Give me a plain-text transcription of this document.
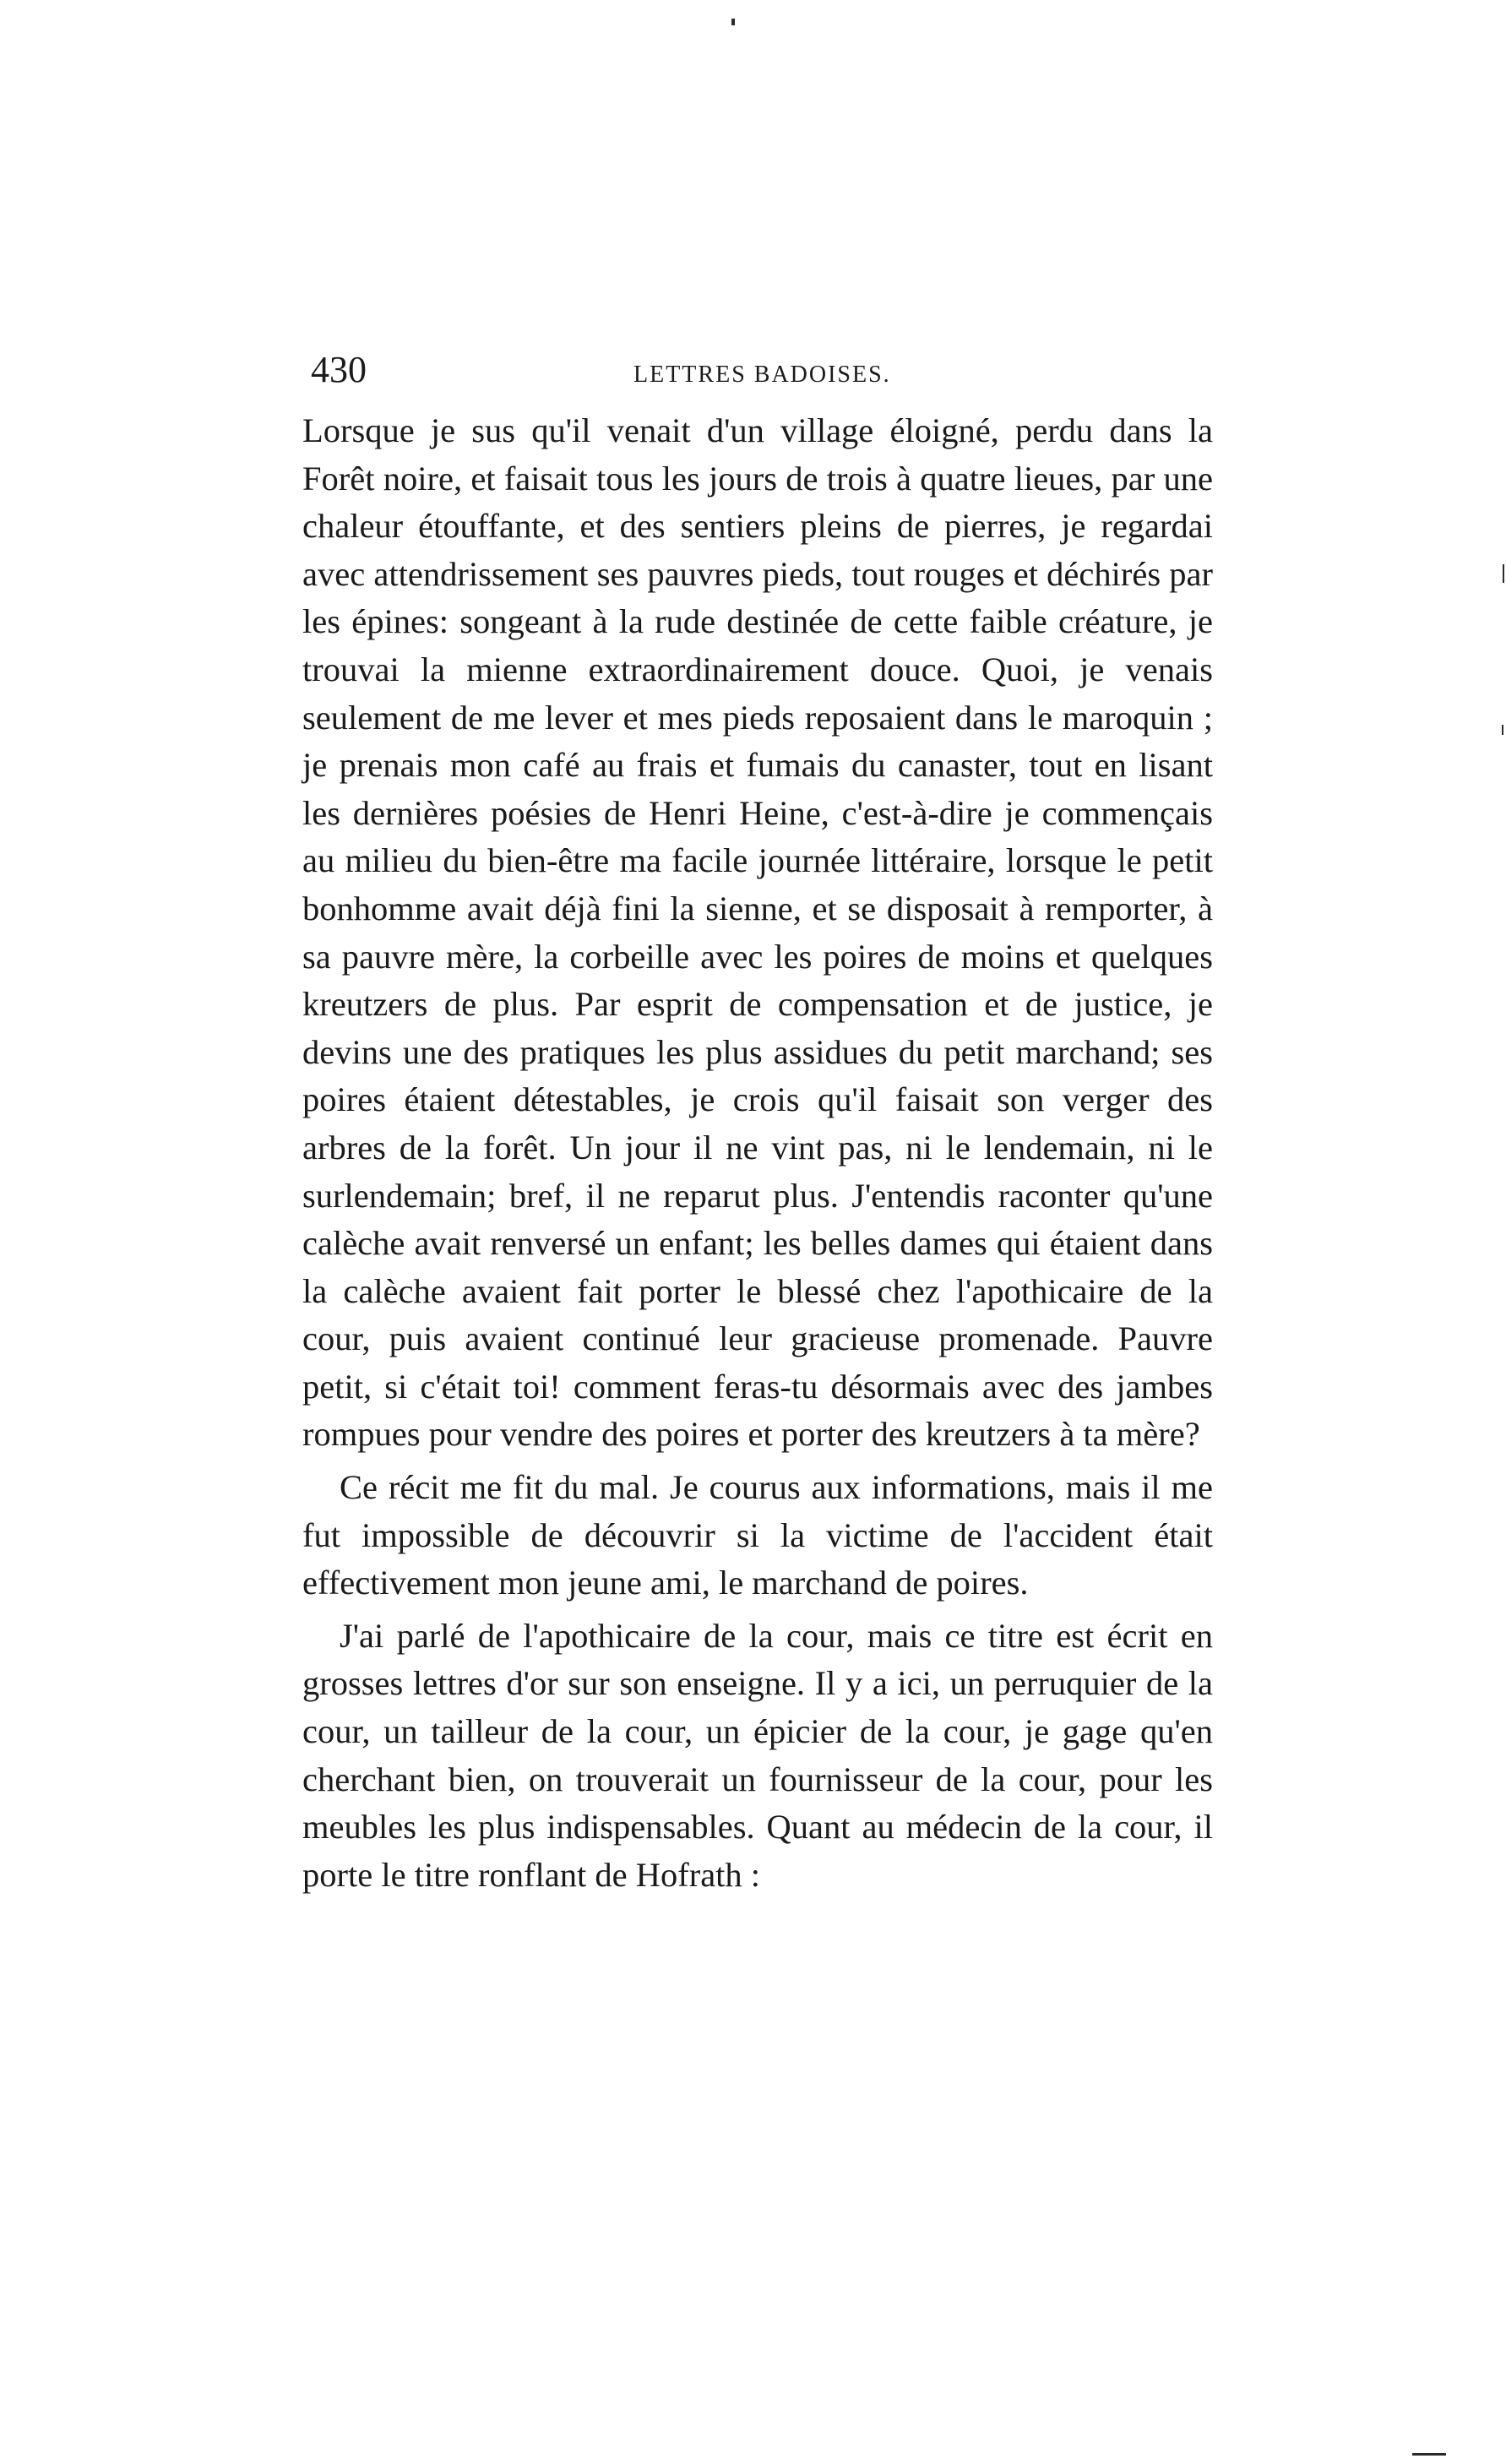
430	LETTRES BADOISES.

Lorsque je sus qu'il venait d'un village éloigné, perdu dans la Forêt noire, et faisait tous les jours de trois à quatre lieues, par une chaleur étouffante, et des sentiers pleins de pierres, je regardai avec attendrissement ses pauvres pieds, tout rouges et déchirés par les épines: songeant à la rude destinée de cette faible créature, je trouvai la mienne extraordinairement douce. Quoi, je venais seulement de me lever et mes pieds reposaient dans le maroquin ; je prenais mon café au frais et fumais du canaster, tout en lisant les dernières poésies de Henri Heine, c'est-à-dire je commençais au milieu du bien-être ma facile journée littéraire, lorsque le petit bonhomme avait déjà fini la sienne, et se disposait à remporter, à sa pauvre mère, la corbeille avec les poires de moins et quelques kreutzers de plus. Par esprit de compensation et de justice, je devins une des pratiques les plus assidues du petit marchand; ses poires étaient détestables, je crois qu'il faisait son verger des arbres de la forêt. Un jour il ne vint pas, ni le lendemain, ni le surlendemain; bref, il ne reparut plus. J'entendis raconter qu'une calèche avait renversé un enfant; les belles dames qui étaient dans la calèche avaient fait porter le blessé chez l'apothicaire de la cour, puis avaient continué leur gracieuse promenade. Pauvre petit, si c'était toi! comment feras-tu désormais avec des jambes rompues pour vendre des poires et porter des kreutzers à ta mère?

Ce récit me fit du mal. Je courus aux informations, mais il me fut impossible de découvrir si la victime de l'accident était effectivement mon jeune ami, le marchand de poires.

J'ai parlé de l'apothicaire de la cour, mais ce titre est écrit en grosses lettres d'or sur son enseigne. Il y a ici, un perruquier de la cour, un tailleur de la cour, un épicier de la cour, je gage qu'en cherchant bien, on trouverait un fournisseur de la cour, pour les meubles les plus indispensables. Quant au médecin de la cour, il porte le titre ronflant de Hofrath :
